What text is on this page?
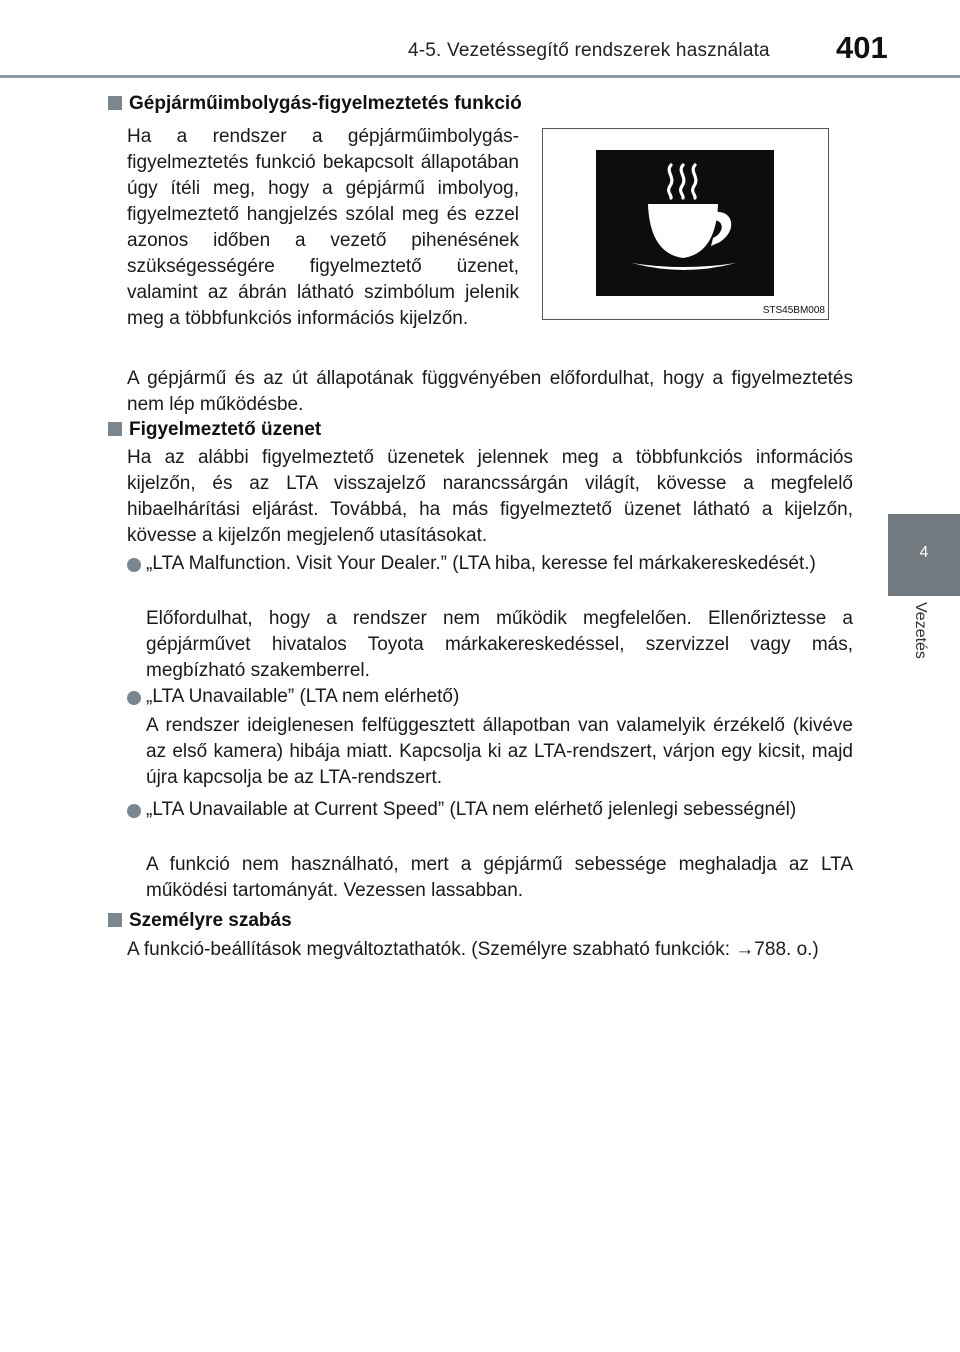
4-5. Vezetéssegítő rendszerek használata	401
4
Vezetés
Gépjárműimbolygás-figyelmeztetés funkció

Ha a rendszer a gépjárműimbolygás-figyelmeztetés funkció bekapcsolt állapotában úgy ítéli meg, hogy a gépjármű imbolyog, figyelmeztető hangjelzés szólal meg és ezzel azonos időben a vezető pihenésének szükségességére figyelmeztető üzenet, valamint az ábrán látható szimbólum jelenik meg a többfunkciós információs kijelzőn.	STS45BM008

A gépjármű és az út állapotának függvényében előfordulhat, hogy a figyelmeztetés nem lép működésbe.

Figyelmeztető üzenet

Ha az alábbi figyelmeztető üzenetek jelennek meg a többfunkciós információs kijelzőn, és az LTA visszajelző narancssárgán világít, kövesse a megfelelő hibaelhárítási eljárást. Továbbá, ha más figyelmeztető üzenet látható a kijelzőn, kövesse a kijelzőn megjelenő utasításokat.

„LTA Malfunction. Visit Your Dealer.” (LTA hiba, keresse fel márkakereskedését.)

Előfordulhat, hogy a rendszer nem működik megfelelően. Ellenőriztesse a gépjárművet hivatalos Toyota márkakereskedéssel, szervizzel vagy más, megbízható szakemberrel.

„LTA Unavailable” (LTA nem elérhető)

A rendszer ideiglenesen felfüggesztett állapotban van valamelyik érzékelő (kivéve az első kamera) hibája miatt. Kapcsolja ki az LTA-rendszert, várjon egy kicsit, majd újra kapcsolja be az LTA-rendszert.

„LTA Unavailable at Current Speed” (LTA nem elérhető jelenlegi sebességnél)

A funkció nem használható, mert a gépjármű sebessége meghaladja az LTA működési tartományát. Vezessen lassabban.

Személyre szabás

A funkció-beállítások megváltoztathatók. (Személyre szabható funkciók: →788. o.)
